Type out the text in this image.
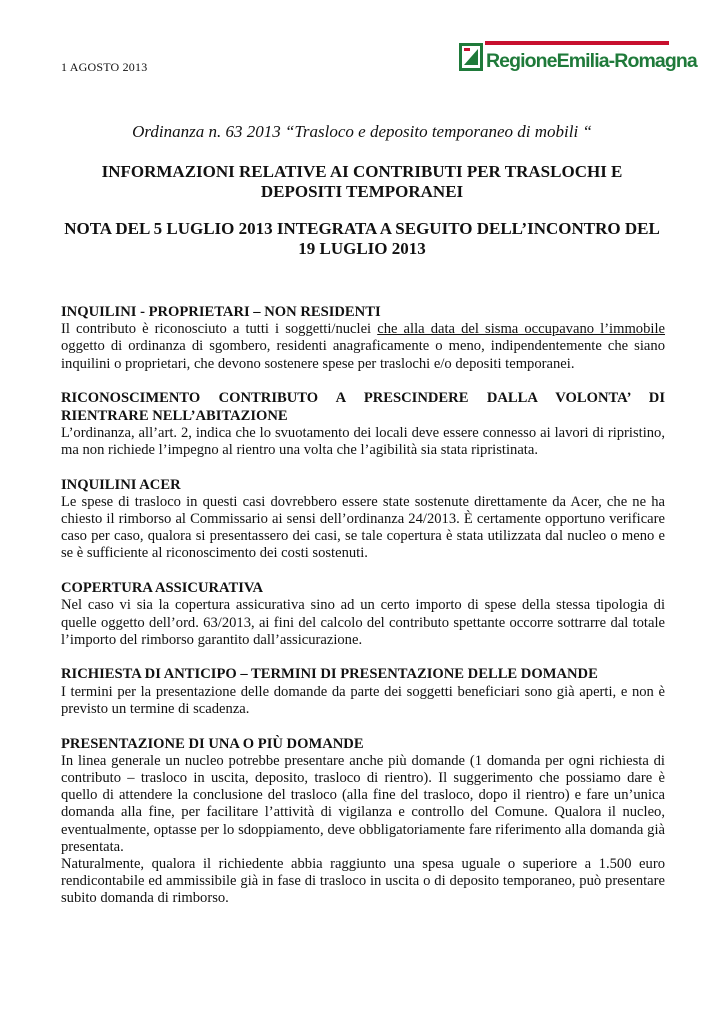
1 AGOSTO 2013	RegioneEmilia-Romagna
Ordinanza n. 63 2013 “Trasloco e deposito temporaneo di mobili “
INFORMAZIONI RELATIVE AI CONTRIBUTI PER TRASLOCHI E DEPOSITI TEMPORANEI
NOTA DEL 5 LUGLIO 2013 INTEGRATA A SEGUITO DELL’INCONTRO DEL 19 LUGLIO 2013
INQUILINI - PROPRIETARI – NON RESIDENTI

Il contributo è riconosciuto a tutti i soggetti/nuclei che alla data del sisma occupavano l’immobile oggetto di ordinanza di sgombero, residenti anagraficamente o meno, indipendentemente che siano inquilini o proprietari, che devono sostenere spese per traslochi e/o depositi temporanei.

RICONOSCIMENTO CONTRIBUTO A PRESCINDERE DALLA VOLONTA’ DI RIENTRARE NELL’ABITAZIONE

L’ordinanza, all’art. 2, indica che lo svuotamento dei locali deve essere connesso ai lavori di ripristino, ma non richiede l’impegno al rientro una volta che l’agibilità sia stata ripristinata.

INQUILINI ACER

Le spese di trasloco in questi casi dovrebbero essere state sostenute direttamente da Acer, che ne ha chiesto il rimborso al Commissario ai sensi dell’ordinanza 24/2013. È certamente opportuno verificare caso per caso, qualora si presentassero dei casi, se tale copertura è stata utilizzata dal nucleo o meno e se è sufficiente al riconoscimento dei costi sostenuti.

COPERTURA ASSICURATIVA

Nel caso vi sia la copertura assicurativa sino ad un certo importo di spese della stessa tipologia di quelle oggetto dell’ord. 63/2013, ai fini del calcolo del contributo spettante occorre sottrarre dal totale l’importo del rimborso garantito dall’assicurazione.

RICHIESTA DI ANTICIPO – TERMINI DI PRESENTAZIONE DELLE DOMANDE

I termini per la presentazione delle domande da parte dei soggetti beneficiari sono già aperti, e non è previsto un termine di scadenza.

PRESENTAZIONE DI UNA O PIÙ DOMANDE

In linea generale un nucleo potrebbe presentare anche più domande (1 domanda per ogni richiesta di contributo – trasloco in uscita, deposito, trasloco di rientro). Il suggerimento che possiamo dare è quello di attendere la conclusione del trasloco (alla fine del trasloco, dopo il rientro) e fare un’unica domanda alla fine, per facilitare l’attività di vigilanza e controllo del Comune. Qualora il nucleo, eventualmente, optasse per lo sdoppiamento, deve obbligatoriamente fare riferimento alla domanda già presentata.

Naturalmente, qualora il richiedente abbia raggiunto una spesa uguale o superiore a 1.500 euro rendicontabile ed ammissibile già in fase di trasloco in uscita o di deposito temporaneo, può presentare subito domanda di rimborso.
